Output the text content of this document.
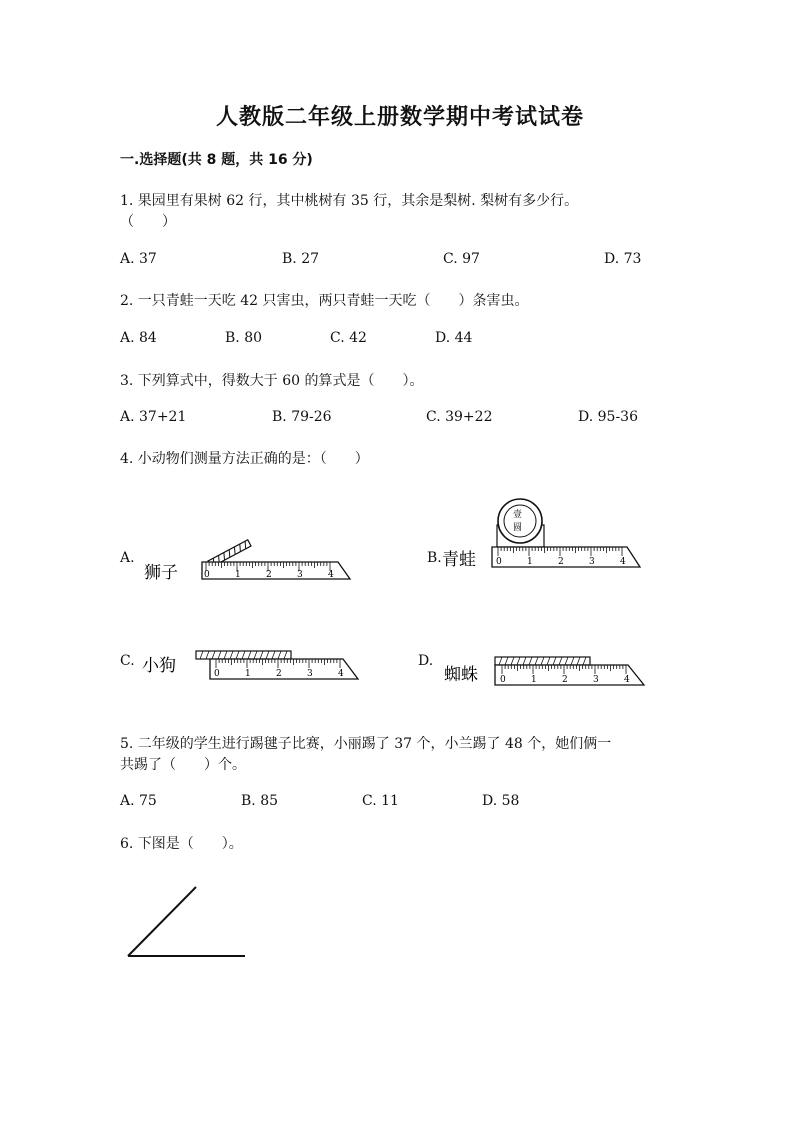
人教版二年级上册数学期中考试试卷
一.选择题(共 8 题，共 16 分)
1. 果园里有果树 62 行，其中桃树有 35 行，其余是梨树. 梨树有多少行。
（　　）
A. 37	B. 27	C. 97	D. 73
2. 一只青蛙一天吃 42 只害虫，两只青蛙一天吃（　　）条害虫。
A. 84	B. 80	C. 42	D. 44
3. 下列算式中，得数大于 60 的算式是（　　）。
A. 37+21	B. 79-26	C. 39+22	D. 95-36
4. 小动物们测量方法正确的是：（　　）
A.
狮子	0	1	2	3	4
B. 青蛙
壹
圆
0	1	2	3	4
C. 小狗	0	1	2	3	4
D.
蜘蛛 0	1	2	3	4
5. 二年级的学生进行踢毽子比赛，小丽踢了 37 个，小兰踢了 48 个，她们俩一
共踢了（　　）个。
A. 75	B. 85	C. 11	D. 58
6. 下图是（　　）。
